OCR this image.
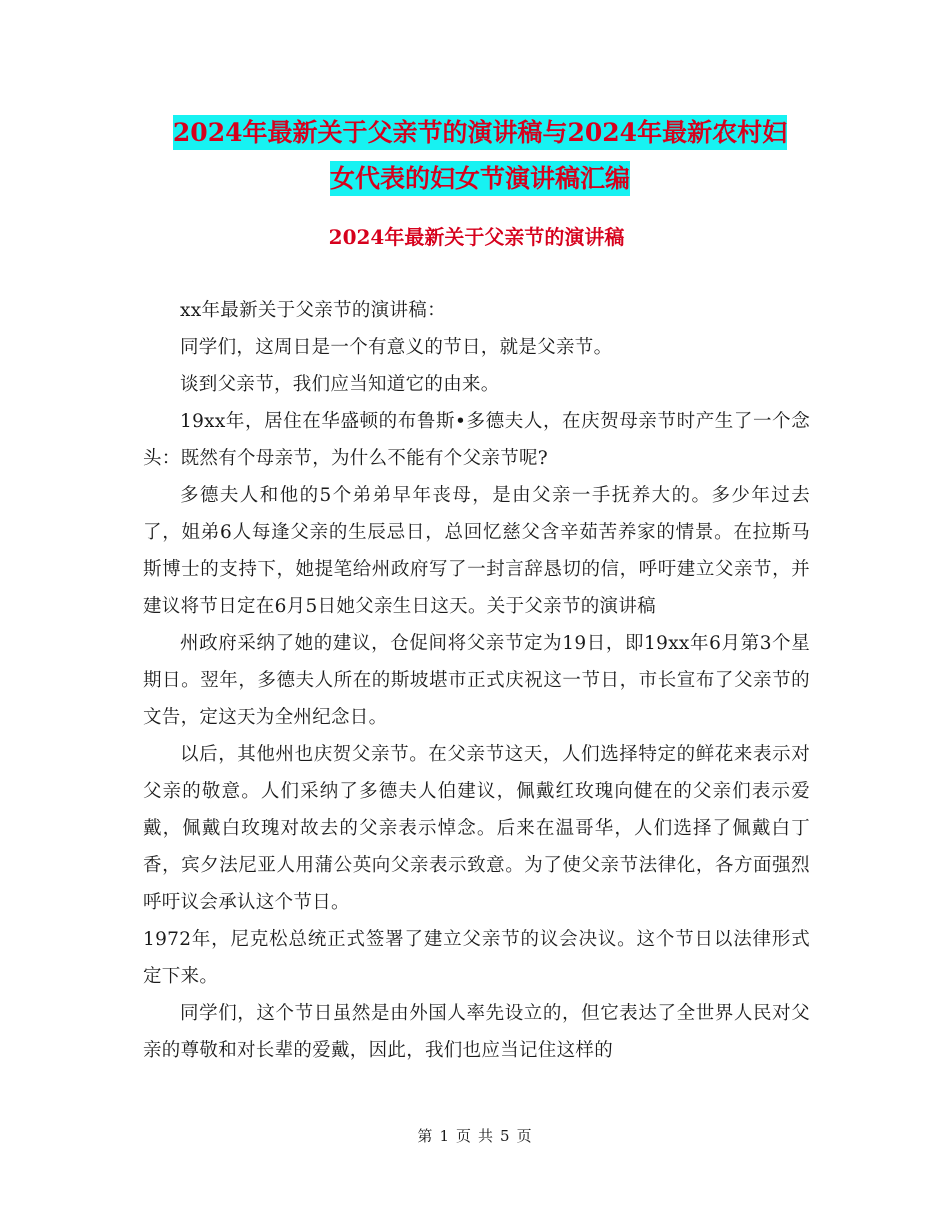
2024年最新关于父亲节的演讲稿与2024年最新农村妇
女代表的妇女节演讲稿汇编
2024年最新关于父亲节的演讲稿

xx年最新关于父亲节的演讲稿：

同学们，这周日是一个有意义的节日，就是父亲节。

谈到父亲节，我们应当知道它的由来。

19xx年，居住在华盛顿的布鲁斯•多德夫人，在庆贺母亲节时产生了一个念头：既然有个母亲节，为什么不能有个父亲节呢?

多德夫人和他的5个弟弟早年丧母，是由父亲一手抚养大的。多少年过去了，姐弟6人每逢父亲的生辰忌日，总回忆慈父含辛茹苦养家的情景。在拉斯马斯博士的支持下，她提笔给州政府写了一封言辞恳切的信，呼吁建立父亲节，并建议将节日定在6月5日她父亲生日这天。关于父亲节的演讲稿

州政府采纳了她的建议，仓促间将父亲节定为19日，即19xx年6月第3个星期日。翌年，多德夫人所在的斯坡堪市正式庆祝这一节日，市长宣布了父亲节的文告，定这天为全州纪念日。

以后，其他州也庆贺父亲节。在父亲节这天，人们选择特定的鲜花来表示对父亲的敬意。人们采纳了多德夫人伯建议，佩戴红玫瑰向健在的父亲们表示爱戴，佩戴白玫瑰对故去的父亲表示悼念。后来在温哥华，人们选择了佩戴白丁香，宾夕法尼亚人用蒲公英向父亲表示致意。为了使父亲节法律化，各方面强烈呼吁议会承认这个节日。

1972年，尼克松总统正式签署了建立父亲节的议会决议。这个节日以法律形式定下来。

同学们，这个节日虽然是由外国人率先设立的，但它表达了全世界人民对父亲的尊敬和对长辈的爱戴，因此，我们也应当记住这样的

第 1 页 共 5 页
